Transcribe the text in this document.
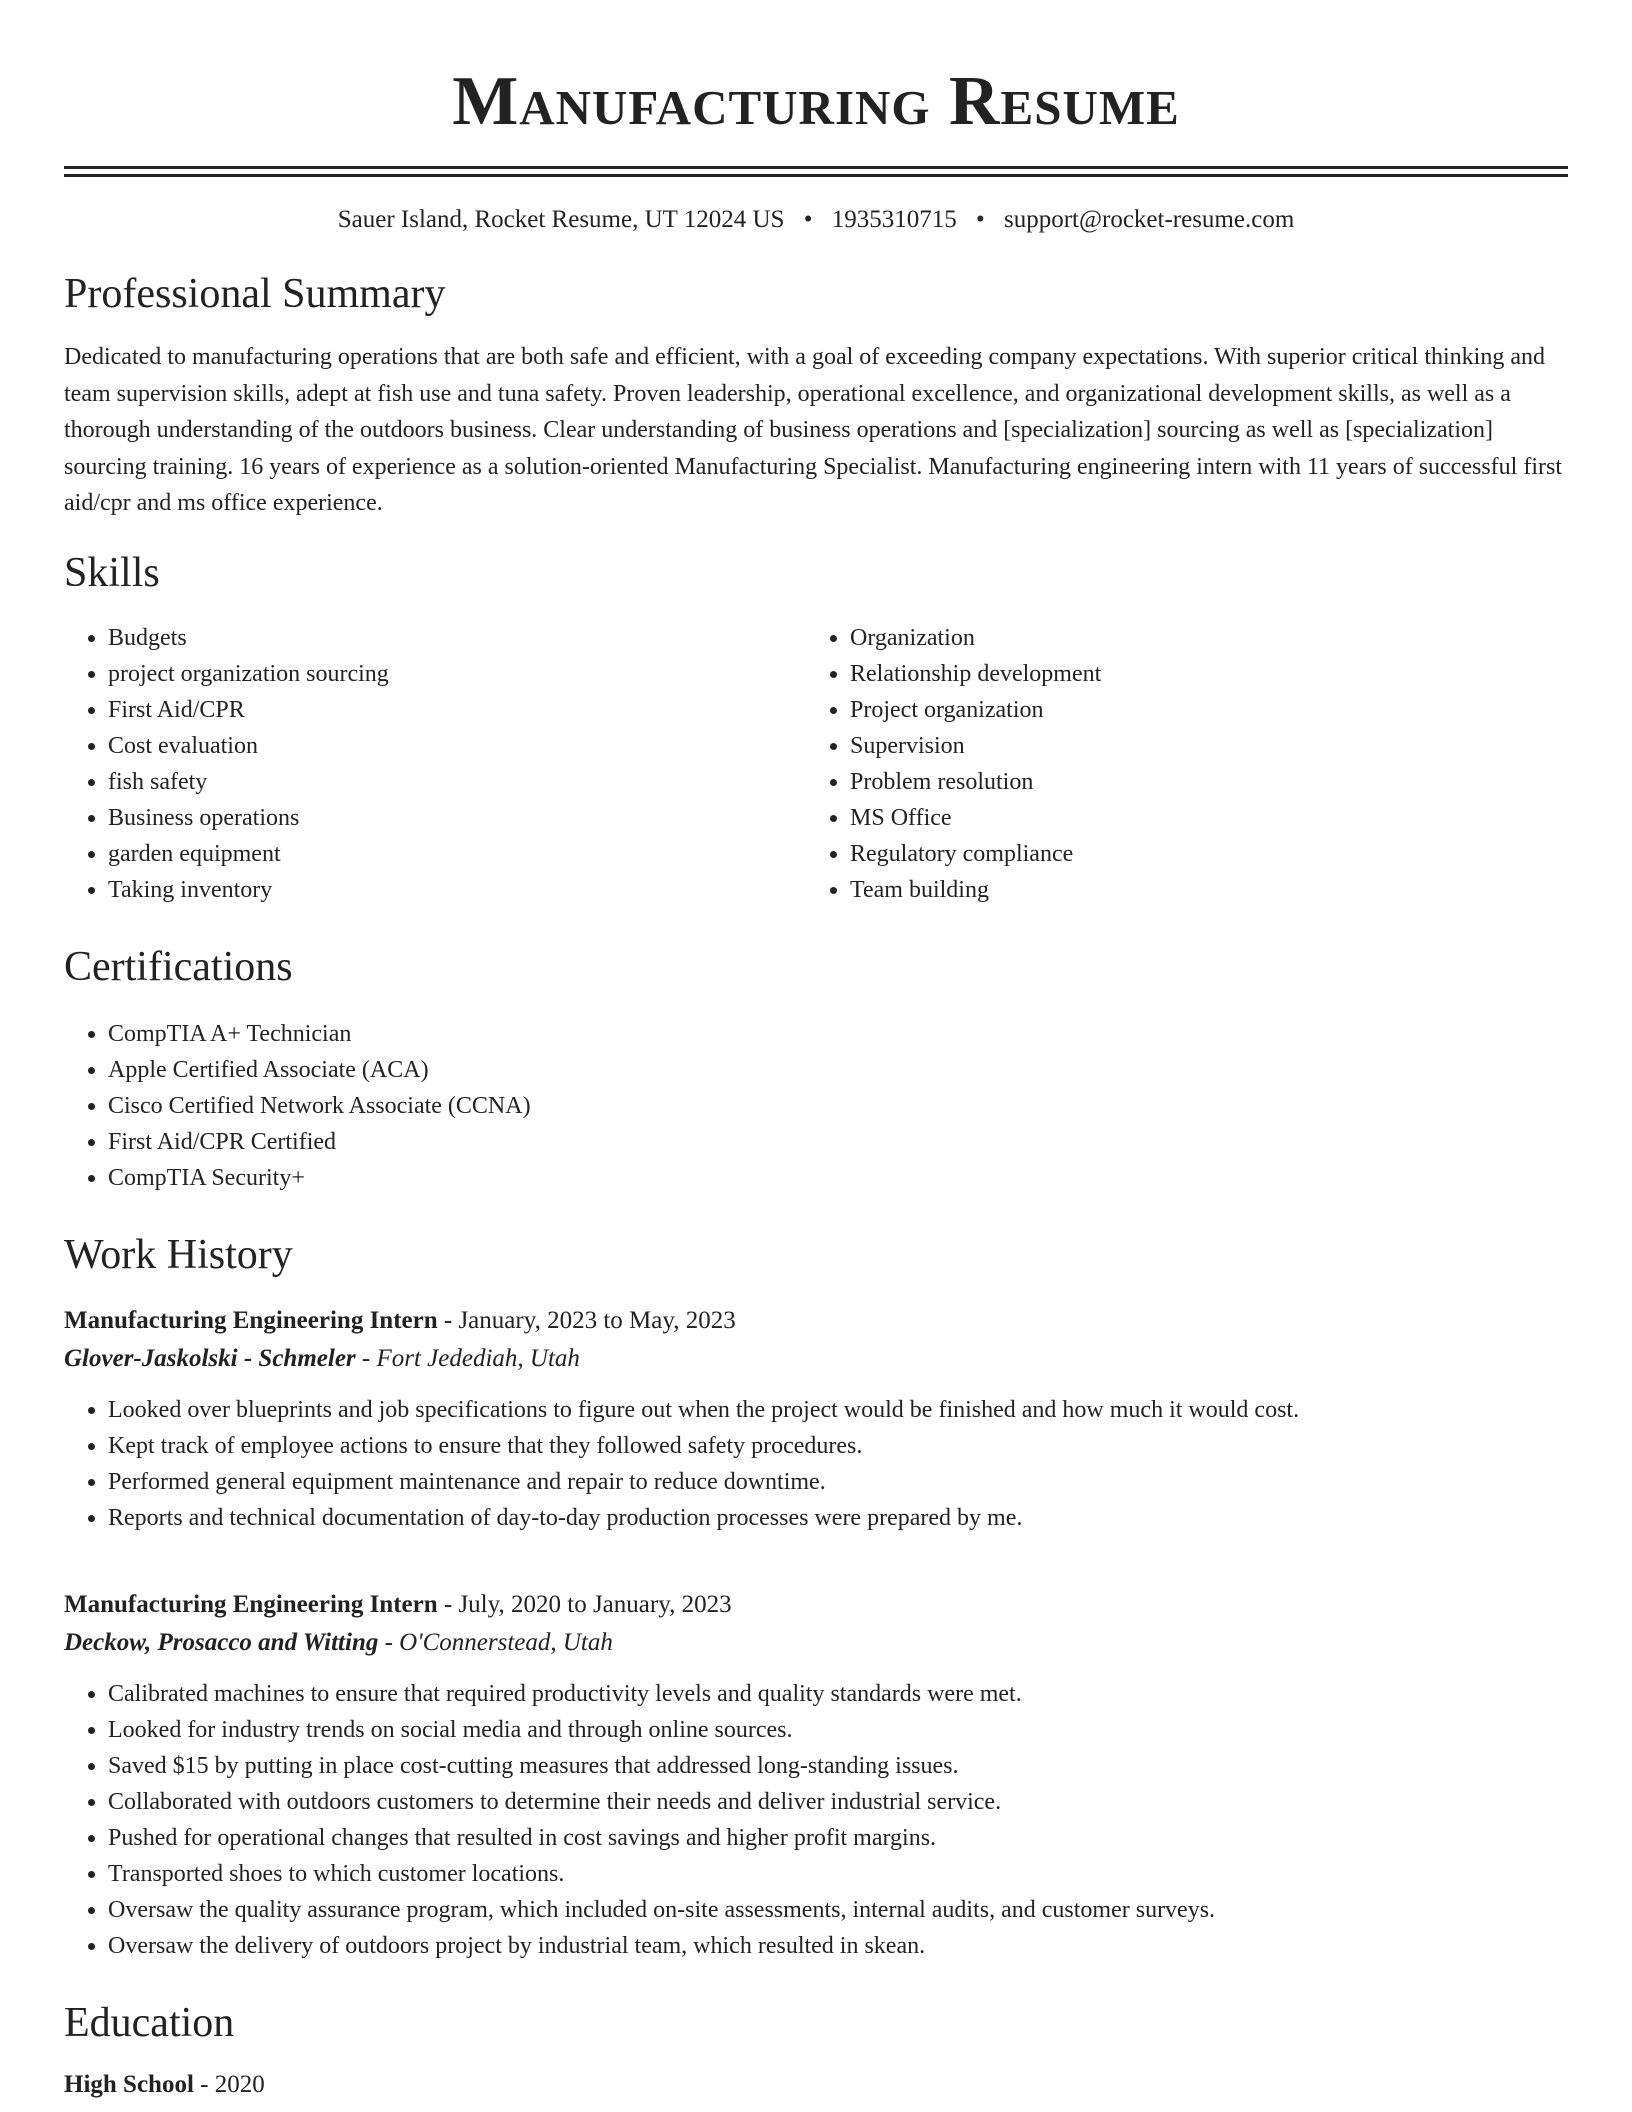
Manufacturing Resume
Sauer Island, Rocket Resume, UT 12024 US • 1935310715 • support@rocket-resume.com
Professional Summary

Dedicated to manufacturing operations that are both safe and efficient, with a goal of exceeding company expectations. With superior critical thinking and team supervision skills, adept at fish use and tuna safety. Proven leadership, operational excellence, and organizational development skills, as well as a thorough understanding of the outdoors business. Clear understanding of business operations and [specialization] sourcing as well as [specialization] sourcing training. 16 years of experience as a solution-oriented Manufacturing Specialist. Manufacturing engineering intern with 11 years of successful first aid/cpr and ms office experience.

Skills
• Budgets
• project organization sourcing
• First Aid/CPR
• Cost evaluation
• fish safety
• Business operations
• garden equipment
• Taking inventory
• Organization
• Relationship development
• Project organization
• Supervision
• Problem resolution
• MS Office
• Regulatory compliance
• Team building
Certifications
• CompTIA A+ Technician
• Apple Certified Associate (ACA)
• Cisco Certified Network Associate (CCNA)
• First Aid/CPR Certified
• CompTIA Security+
Work History
Manufacturing Engineering Intern - January, 2023 to May, 2023
Glover-Jaskolski - Schmeler - Fort Jedediah, Utah
• Looked over blueprints and job specifications to figure out when the project would be finished and how much it would cost.
• Kept track of employee actions to ensure that they followed safety procedures.
• Performed general equipment maintenance and repair to reduce downtime.
• Reports and technical documentation of day-to-day production processes were prepared by me.
Manufacturing Engineering Intern - July, 2020 to January, 2023
Deckow, Prosacco and Witting - O'Connerstead, Utah
• Calibrated machines to ensure that required productivity levels and quality standards were met.
• Looked for industry trends on social media and through online sources.
• Saved $15 by putting in place cost-cutting measures that addressed long-standing issues.
• Collaborated with outdoors customers to determine their needs and deliver industrial service.
• Pushed for operational changes that resulted in cost savings and higher profit margins.
• Transported shoes to which customer locations.
• Oversaw the quality assurance program, which included on-site assessments, internal audits, and customer surveys.
• Oversaw the delivery of outdoors project by industrial team, which resulted in skean.
Education
High School - 2020
